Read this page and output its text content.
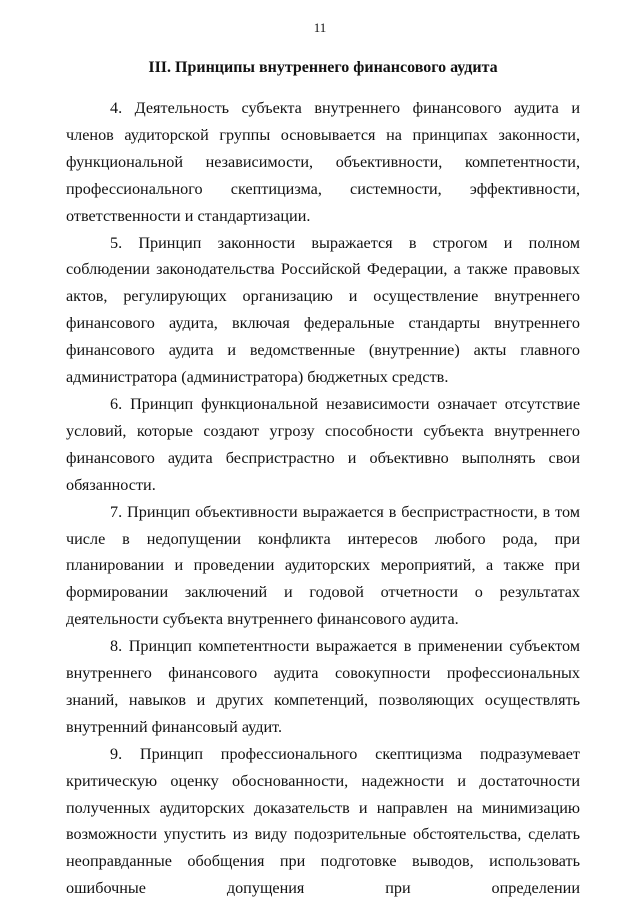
11
III. Принципы внутреннего финансового аудита

4. Деятельность субъекта внутреннего финансового аудита и членов аудиторской группы основывается на принципах законности, функциональной независимости, объективности, компетентности, профессионального скептицизма, системности, эффективности, ответственности и стандартизации.

5. Принцип законности выражается в строгом и полном соблюдении законодательства Российской Федерации, а также правовых актов, регулирующих организацию и осуществление внутреннего финансового аудита, включая федеральные стандарты внутреннего финансового аудита и ведомственные (внутренние) акты главного администратора (администратора) бюджетных средств.

6. Принцип функциональной независимости означает отсутствие условий, которые создают угрозу способности субъекта внутреннего финансового аудита беспристрастно и объективно выполнять свои обязанности.

7. Принцип объективности выражается в беспристрастности, в том числе в недопущении конфликта интересов любого рода, при планировании и проведении аудиторских мероприятий, а также при формировании заключений и годовой отчетности о результатах деятельности субъекта внутреннего финансового аудита.

8. Принцип компетентности выражается в применении субъектом внутреннего финансового аудита совокупности профессиональных знаний, навыков и других компетенций, позволяющих осуществлять внутренний финансовый аудит.

9. Принцип профессионального скептицизма подразумевает критическую оценку обоснованности, надежности и достаточности полученных аудиторских доказательств и направлен на минимизацию возможности упустить из виду подозрительные обстоятельства, сделать неоправданные обобщения при подготовке выводов, использовать ошибочные допущения при определении
